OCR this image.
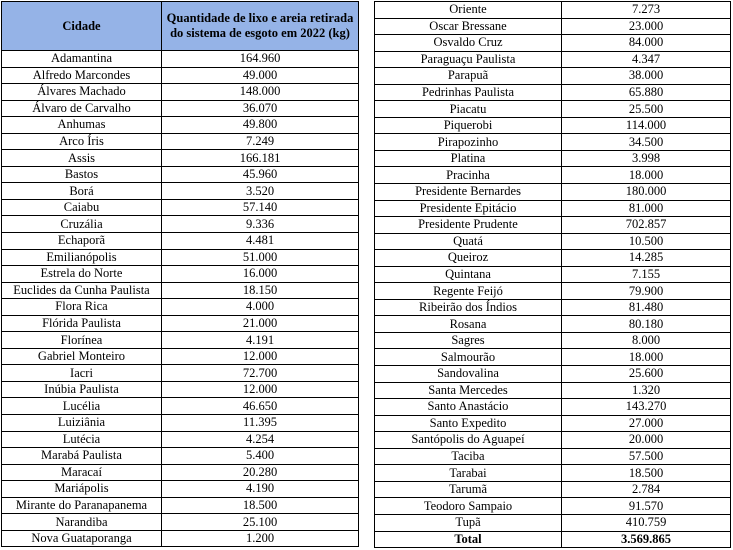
Cidade	Quantidade de lixo e areia retirada do sistema de esgoto em 2022 (kg)
Adamantina	164.960
Alfredo Marcondes	49.000
Álvares Machado	148.000
Álvaro de Carvalho	36.070
Anhumas	49.800
Arco Íris	7.249
Assis	166.181
Bastos	45.960
Borá	3.520
Caiabu	57.140
Cruzália	9.336
Echaporã	4.481
Emilianópolis	51.000
Estrela do Norte	16.000
Euclides da Cunha Paulista	18.150
Flora Rica	4.000
Flórida Paulista	21.000
Florínea	4.191
Gabriel Monteiro	12.000
Iacri	72.700
Inúbia Paulista	12.000
Lucélia	46.650
Luiziânia	11.395
Lutécia	4.254
Marabá Paulista	5.400
Maracaí	20.280
Mariápolis	4.190
Mirante do Paranapanema	18.500
Narandiba	25.100
Nova Guataporanga	1.200
Oriente	7.273
Oscar Bressane	23.000
Osvaldo Cruz	84.000
Paraguaçu Paulista	4.347
Parapuã	38.000
Pedrinhas Paulista	65.880
Piacatu	25.500
Piquerobi	114.000
Pirapozinho	34.500
Platina	3.998
Pracinha	18.000
Presidente Bernardes	180.000
Presidente Epitácio	81.000
Presidente Prudente	702.857
Quatá	10.500
Queiroz	14.285
Quintana	7.155
Regente Feijó	79.900
Ribeirão dos Índios	81.480
Rosana	80.180
Sagres	8.000
Salmourão	18.000
Sandovalina	25.600
Santa Mercedes	1.320
Santo Anastácio	143.270
Santo Expedito	27.000
Santópolis do Aguapeí	20.000
Taciba	57.500
Tarabai	18.500
Tarumã	2.784
Teodoro Sampaio	91.570
Tupã	410.759
Total	3.569.865
